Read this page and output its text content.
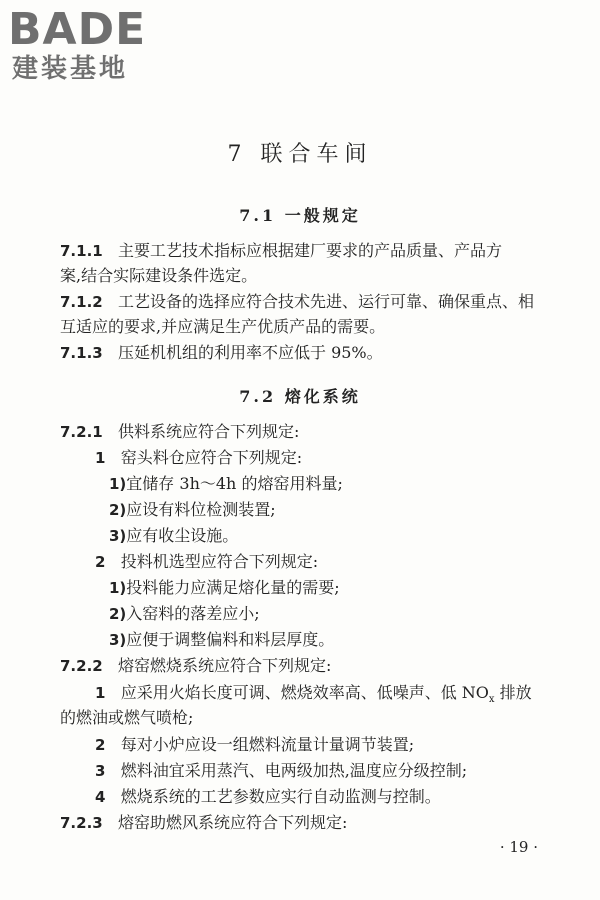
BADE
建装基地
7 联合车间
7.1 一般规定
7.1.1 主要工艺技术指标应根据建厂要求的产品质量、产品方
案,结合实际建设条件选定。
7.1.2 工艺设备的选择应符合技术先进、运行可靠、确保重点、相
互适应的要求,并应满足生产优质产品的需要。
7.1.3 压延机机组的利用率不应低于 95%。
7.2 熔化系统
7.2.1 供料系统应符合下列规定:
1 窑头料仓应符合下列规定:
1)宜储存 3h～4h 的熔窑用料量;
2)应设有料位检测装置;
3)应有收尘设施。
2 投料机选型应符合下列规定:
1)投料能力应满足熔化量的需要;
2)入窑料的落差应小;
3)应便于调整偏料和料层厚度。
7.2.2 熔窑燃烧系统应符合下列规定:
1 应采用火焰长度可调、燃烧效率高、低噪声、低 $NO_x$ 排放
的燃油或燃气喷枪;
2 每对小炉应设一组燃料流量计量调节装置;
3 燃料油宜采用蒸汽、电两级加热,温度应分级控制;
4 燃烧系统的工艺参数应实行自动监测与控制。
7.2.3 熔窑助燃风系统应符合下列规定:
· 19 ·
